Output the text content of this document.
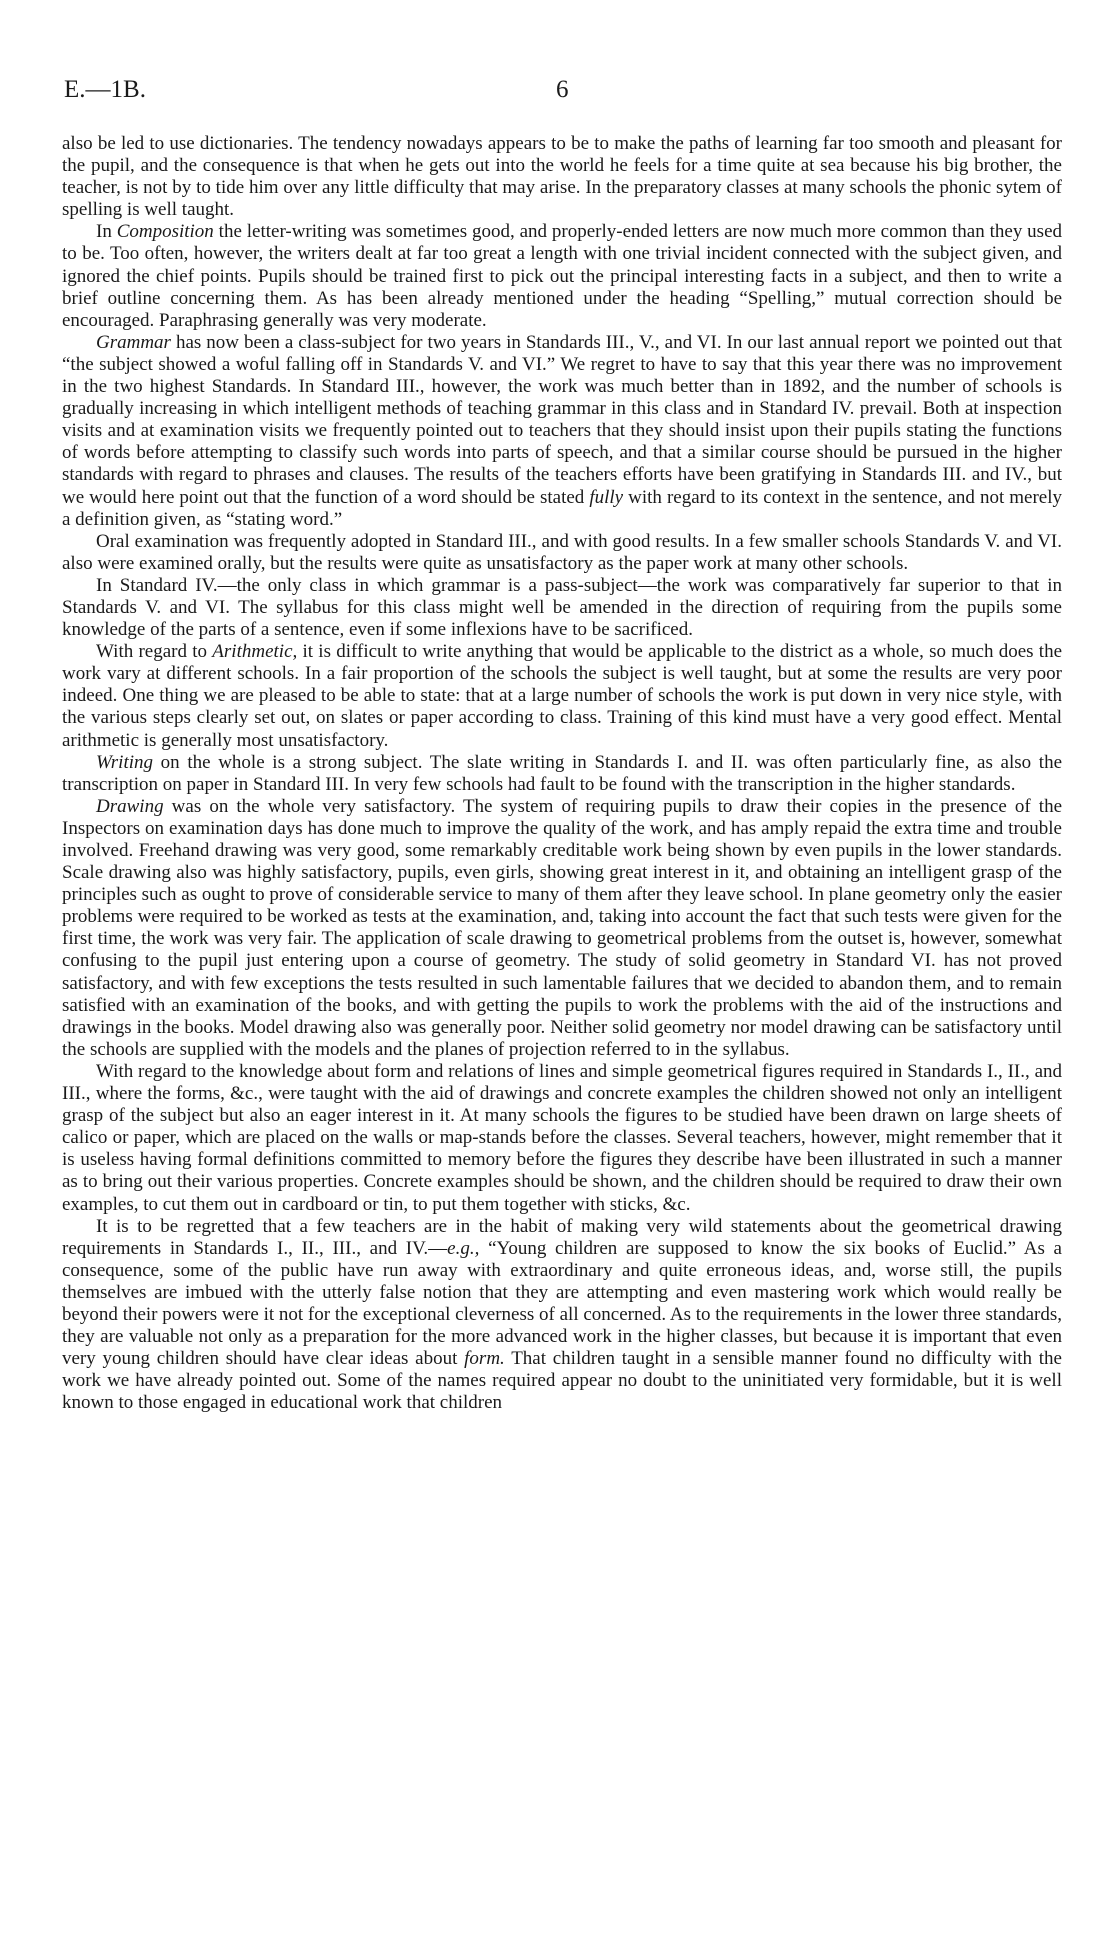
E.—1B.	6

also be led to use dictionaries. The tendency nowadays appears to be to make the paths of learning far too smooth and pleasant for the pupil, and the consequence is that when he gets out into the world he feels for a time quite at sea because his big brother, the teacher, is not by to tide him over any little difficulty that may arise. In the preparatory classes at many schools the phonic sytem of spelling is well taught.

In Composition the letter-writing was sometimes good, and properly-ended letters are now much more common than they used to be. Too often, however, the writers dealt at far too great a length with one trivial incident connected with the subject given, and ignored the chief points. Pupils should be trained first to pick out the principal interesting facts in a subject, and then to write a brief outline concerning them. As has been already mentioned under the heading “Spelling,” mutual correction should be encouraged. Paraphrasing generally was very moderate.

Grammar has now been a class-subject for two years in Standards III., V., and VI. In our last annual report we pointed out that “the subject showed a woful falling off in Standards V. and VI.” We regret to have to say that this year there was no improvement in the two highest Standards. In Standard III., however, the work was much better than in 1892, and the number of schools is gradually increasing in which intelligent methods of teaching grammar in this class and in Standard IV. prevail. Both at inspection visits and at examination visits we frequently pointed out to teachers that they should insist upon their pupils stating the functions of words before attempting to classify such words into parts of speech, and that a similar course should be pursued in the higher standards with regard to phrases and clauses. The results of the teachers efforts have been gratifying in Standards III. and IV., but we would here point out that the function of a word should be stated fully with regard to its context in the sentence, and not merely a definition given, as “stating word.”

Oral examination was frequently adopted in Standard III., and with good results. In a few smaller schools Standards V. and VI. also were examined orally, but the results were quite as unsatisfactory as the paper work at many other schools.

In Standard IV.—the only class in which grammar is a pass-subject—the work was comparatively far superior to that in Standards V. and VI. The syllabus for this class might well be amended in the direction of requiring from the pupils some knowledge of the parts of a sentence, even if some inflexions have to be sacrificed.

With regard to Arithmetic, it is difficult to write anything that would be applicable to the district as a whole, so much does the work vary at different schools. In a fair proportion of the schools the subject is well taught, but at some the results are very poor indeed. One thing we are pleased to be able to state: that at a large number of schools the work is put down in very nice style, with the various steps clearly set out, on slates or paper according to class. Training of this kind must have a very good effect. Mental arithmetic is generally most unsatisfactory.

Writing on the whole is a strong subject. The slate writing in Standards I. and II. was often particularly fine, as also the transcription on paper in Standard III. In very few schools had fault to be found with the transcription in the higher standards.

Drawing was on the whole very satisfactory. The system of requiring pupils to draw their copies in the presence of the Inspectors on examination days has done much to improve the quality of the work, and has amply repaid the extra time and trouble involved. Freehand drawing was very good, some remarkably creditable work being shown by even pupils in the lower standards. Scale drawing also was highly satisfactory, pupils, even girls, showing great interest in it, and obtaining an intelligent grasp of the principles such as ought to prove of considerable service to many of them after they leave school. In plane geometry only the easier problems were required to be worked as tests at the examination, and, taking into account the fact that such tests were given for the first time, the work was very fair. The application of scale drawing to geometrical problems from the outset is, however, somewhat confusing to the pupil just entering upon a course of geometry. The study of solid geometry in Standard VI. has not proved satisfactory, and with few exceptions the tests resulted in such lamentable failures that we decided to abandon them, and to remain satisfied with an examination of the books, and with getting the pupils to work the problems with the aid of the instructions and drawings in the books. Model drawing also was generally poor. Neither solid geometry nor model drawing can be satisfactory until the schools are supplied with the models and the planes of projection referred to in the syllabus.

With regard to the knowledge about form and relations of lines and simple geometrical figures required in Standards I., II., and III., where the forms, &c., were taught with the aid of drawings and concrete examples the children showed not only an intelligent grasp of the subject but also an eager interest in it. At many schools the figures to be studied have been drawn on large sheets of calico or paper, which are placed on the walls or map-stands before the classes. Several teachers, however, might remember that it is useless having formal definitions committed to memory before the figures they describe have been illustrated in such a manner as to bring out their various properties. Concrete examples should be shown, and the children should be required to draw their own examples, to cut them out in cardboard or tin, to put them together with sticks, &c.

It is to be regretted that a few teachers are in the habit of making very wild statements about the geometrical drawing requirements in Standards I., II., III., and IV.—e.g., “Young children are supposed to know the six books of Euclid.” As a consequence, some of the public have run away with extraordinary and quite erroneous ideas, and, worse still, the pupils themselves are imbued with the utterly false notion that they are attempting and even mastering work which would really be beyond their powers were it not for the exceptional cleverness of all concerned. As to the requirements in the lower three standards, they are valuable not only as a preparation for the more advanced work in the higher classes, but because it is important that even very young children should have clear ideas about form. That children taught in a sensible manner found no difficulty with the work we have already pointed out. Some of the names required appear no doubt to the uninitiated very formidable, but it is well known to those engaged in educational work that children
